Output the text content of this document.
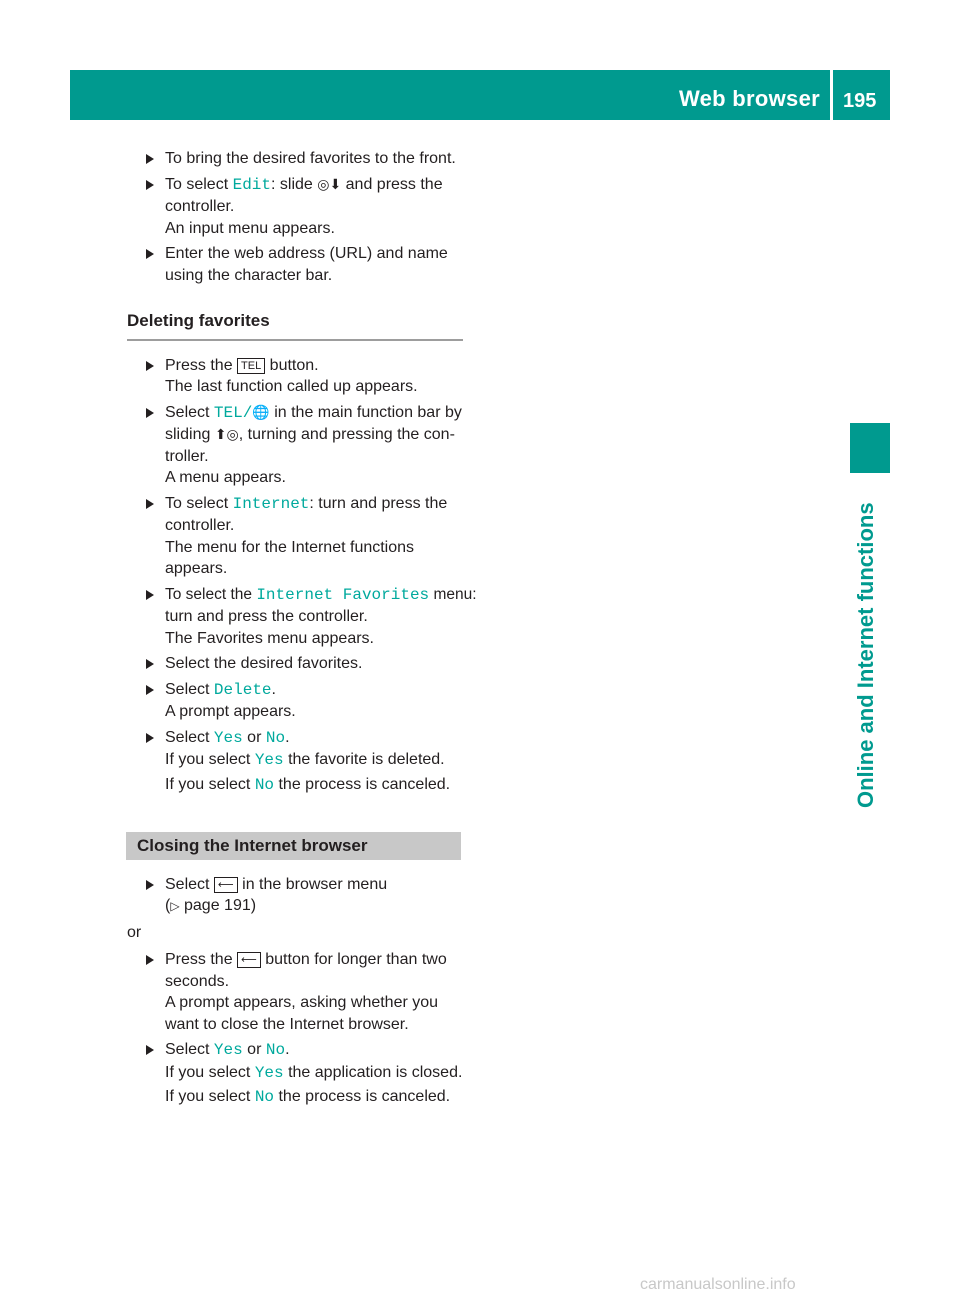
Web browser 195
Online and Internet functions
To bring the desired favorites to the front.
To select Edit: slide ◎⬇ and press the
controller.
An input menu appears.
Enter the web address (URL) and name
using the character bar.
Deleting favorites
Press the TEL button.
The last function called up appears.
Select TEL/🌐 in the main function bar by
sliding ⬆◎, turning and pressing the con-
troller.
A menu appears.
To select Internet: turn and press the
controller.
The menu for the Internet functions
appears.
To select the Internet Favorites menu:
turn and press the controller.
The Favorites menu appears.
Select the desired favorites.
Select Delete.
A prompt appears.
Select Yes or No.
If you select Yes the favorite is deleted.
If you select No the process is canceled.
Closing the Internet browser
Select ⟵ in the browser menu
(▷ page 191)
or
Press the ⟵ button for longer than two
seconds.
A prompt appears, asking whether you
want to close the Internet browser.
Select Yes or No.
If you select Yes the application is closed.
If you select No the process is canceled.
carmanualsonline.info
